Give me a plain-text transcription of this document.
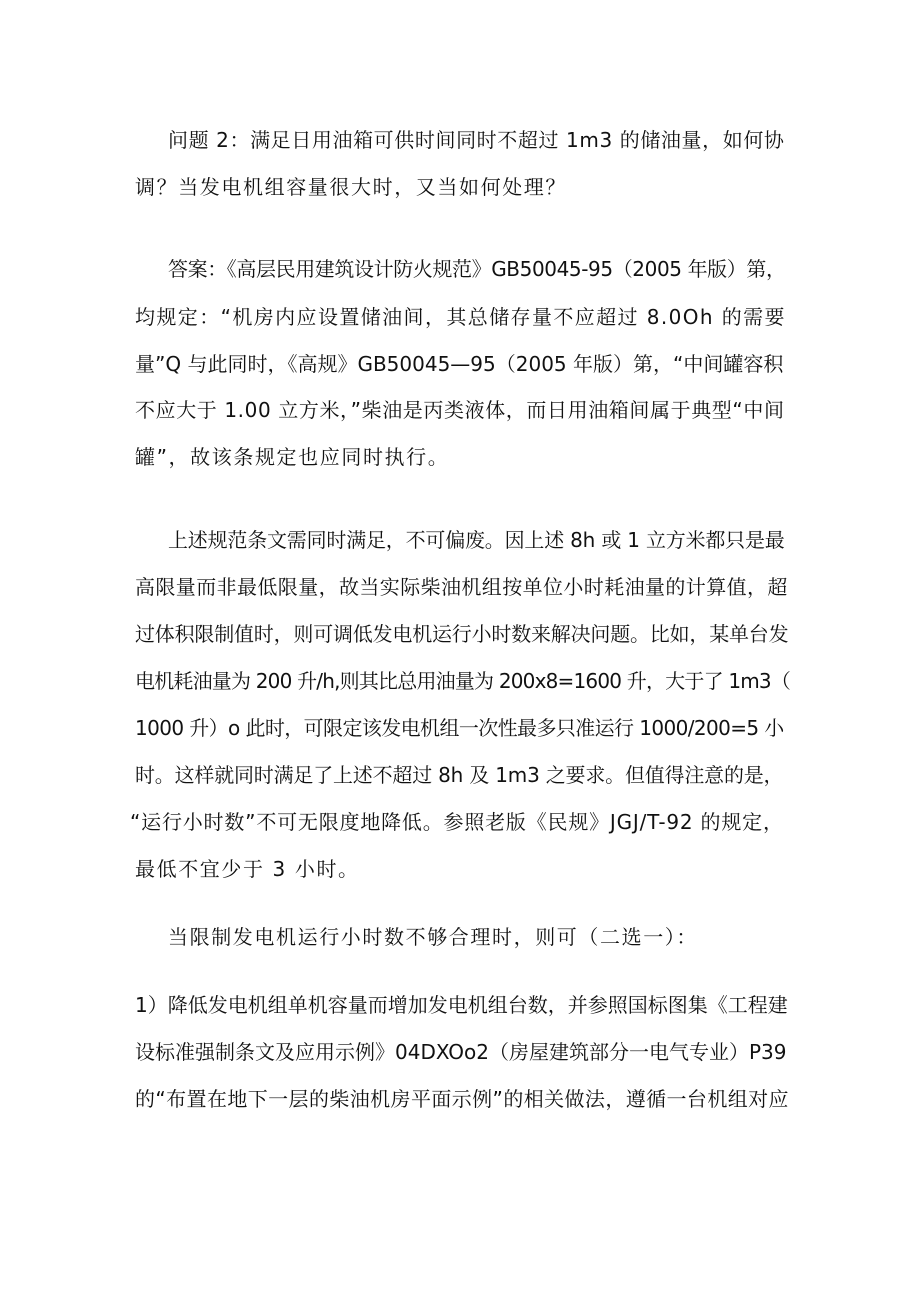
问题 2：满足日用油箱可供时间同时不超过 1m3 的储油量，如何协
调？当发电机组容量很大时，又当如何处理？
答案：《高层民用建筑设计防火规范》GB50045-95（2005 年版）第，
均规定：“机房内应设置储油间，其总储存量不应超过 8.0Oh 的需要
量”Q 与此同时，《高规》GB50045—95（2005 年版）第，“中间罐容积
不应大于 1.00 立方米，”柴油是丙类液体，而日用油箱间属于典型“中间
罐”，故该条规定也应同时执行。
上述规范条文需同时满足，不可偏废。因上述 8h 或 1 立方米都只是最
高限量而非最低限量，故当实际柴油机组按单位小时耗油量的计算值，超
过体积限制值时，则可调低发电机运行小时数来解决问题。比如，某单台发
电机耗油量为 200 升/h,则其比总用油量为 200x8=1600 升，大于了 1m3（
1000 升）o 此时，可限定该发电机组一次性最多只准运行 1000/200=5 小
时。这样就同时满足了上述不超过 8h 及 1m3 之要求。但值得注意的是，
“运行小时数”不可无限度地降低。参照老版《民规》JGJ/T-92 的规定，
最低不宜少于 3 小时。
当限制发电机运行小时数不够合理时，则可（二选一）：
1）降低发电机组单机容量而增加发电机组台数，并参照国标图集《工程建
设标准强制条文及应用示例》04DXOo2（房屋建筑部分一电气专业）P39
的“布置在地下一层的柴油机房平面示例”的相关做法，遵循一台机组对应
